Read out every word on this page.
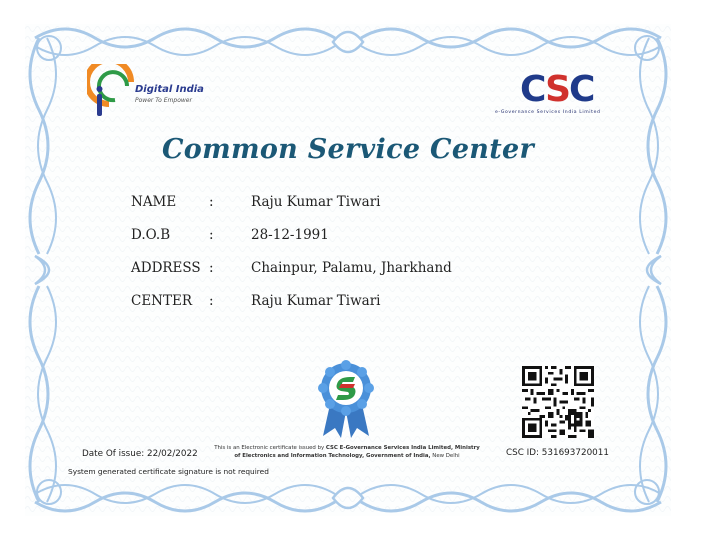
Digital India
Power To Empower	CSC
e-Governance Services India Limited
Common Service Center
NAME :	Raju Kumar Tiwari
D.O.B	:	28-12-1991
ADDRESS :	Chainpur, Palamu, Jharkhand
CENTER :	Raju Kumar Tiwari
Date Of issue: 22/02/2022
System generated certificate signature is not required
This is an Electronic certificate issued by CSC E-Governance Services India Limited, Ministry of Electronics and Information Technology, Government of India, New Delhi	CSC ID: 531693720011
